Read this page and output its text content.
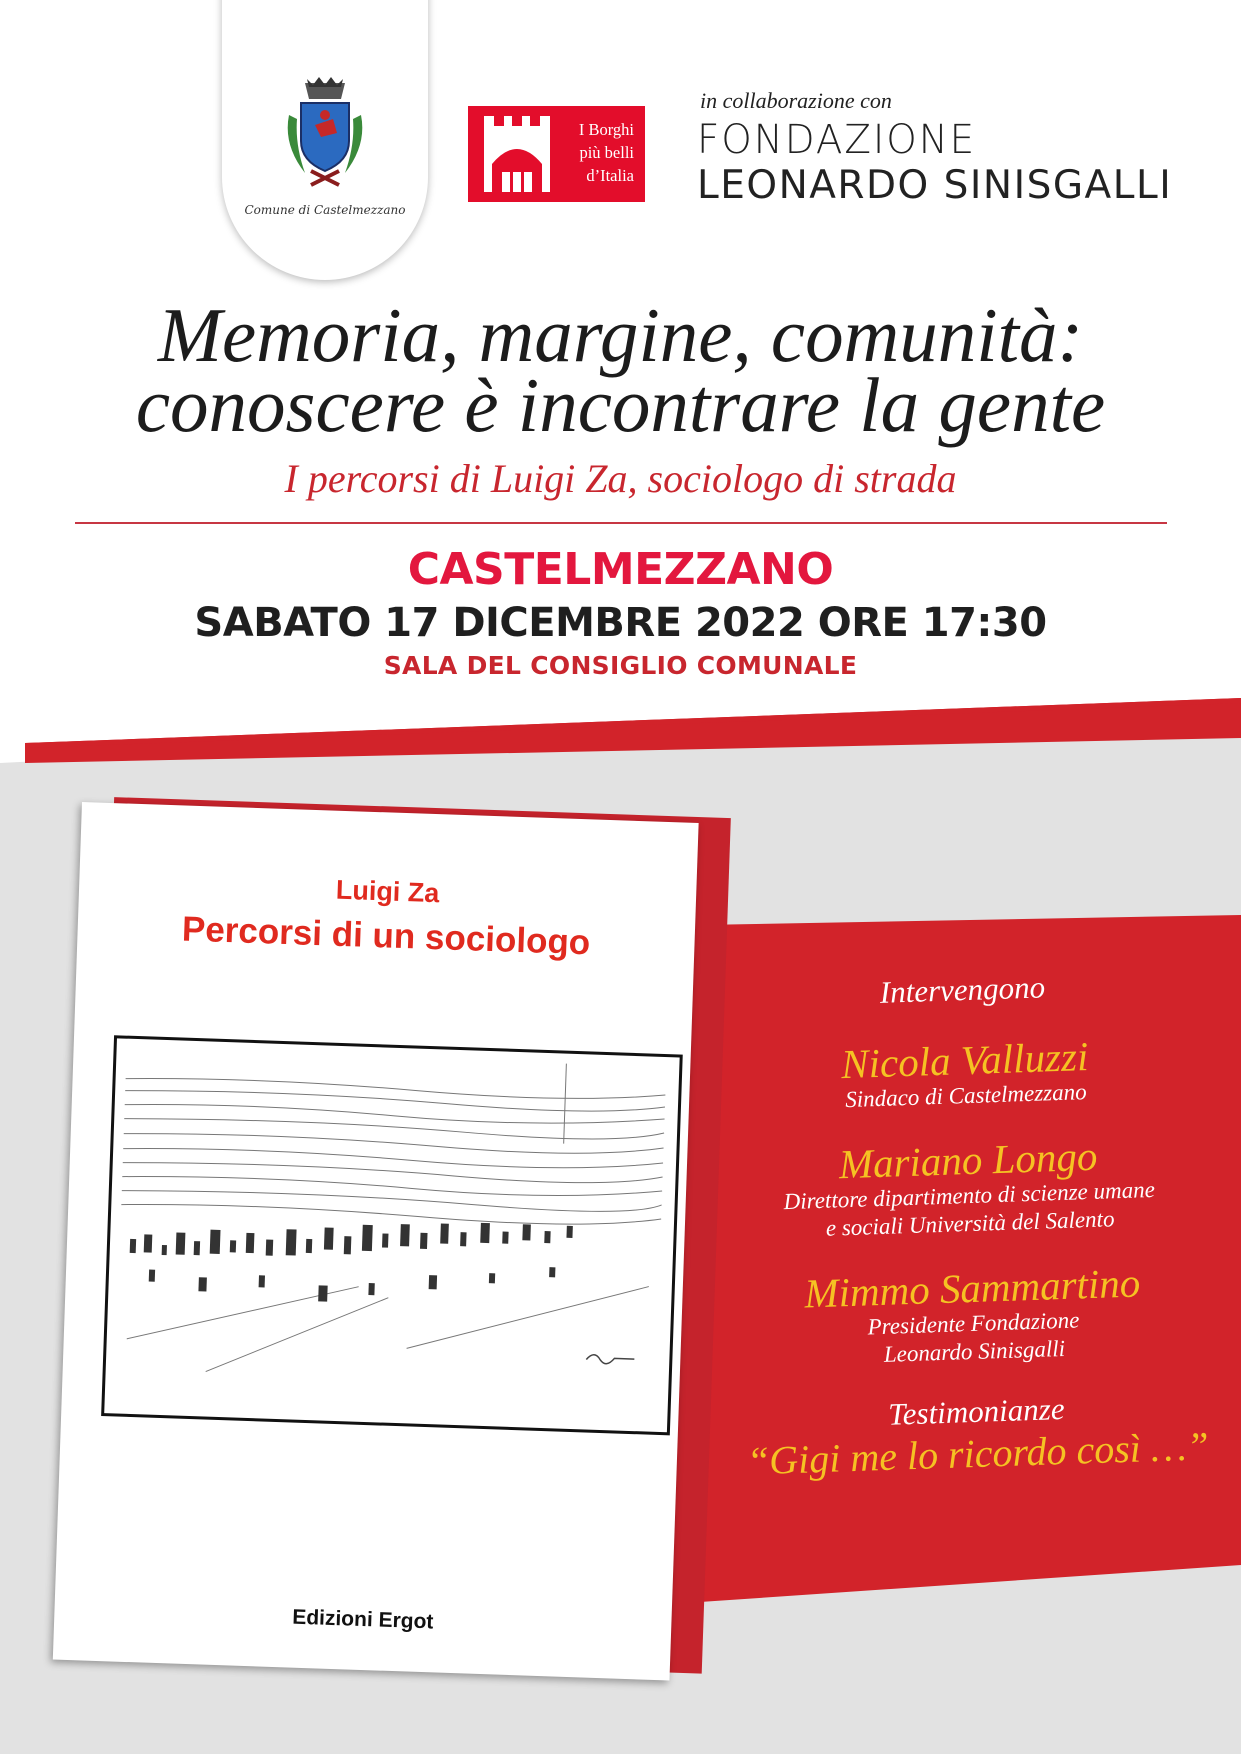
Comune di Castelmezzano
I Borghi
più belli
d’Italia
in collaborazione con
FONDAZIONE
LEONARDO SINISGALLI
Memoria, margine, comunità:
conoscere è incontrare la gente
I percorsi di Luigi Za, sociologo di strada
CASTELMEZZANO
SABATO 17 DICEMBRE 2022 ORE 17:30
SALA DEL CONSIGLIO COMUNALE
Luigi Za
Percorsi di un sociologo
Edizioni Ergot
Intervengono
Nicola Valluzzi
Sindaco di Castelmezzano
Mariano Longo
Direttore dipartimento di scienze umane
e sociali Università del Salento
Mimmo Sammartino
Presidente Fondazione
Leonardo Sinisgalli
Testimonianze
“Gigi me lo ricordo così …”
